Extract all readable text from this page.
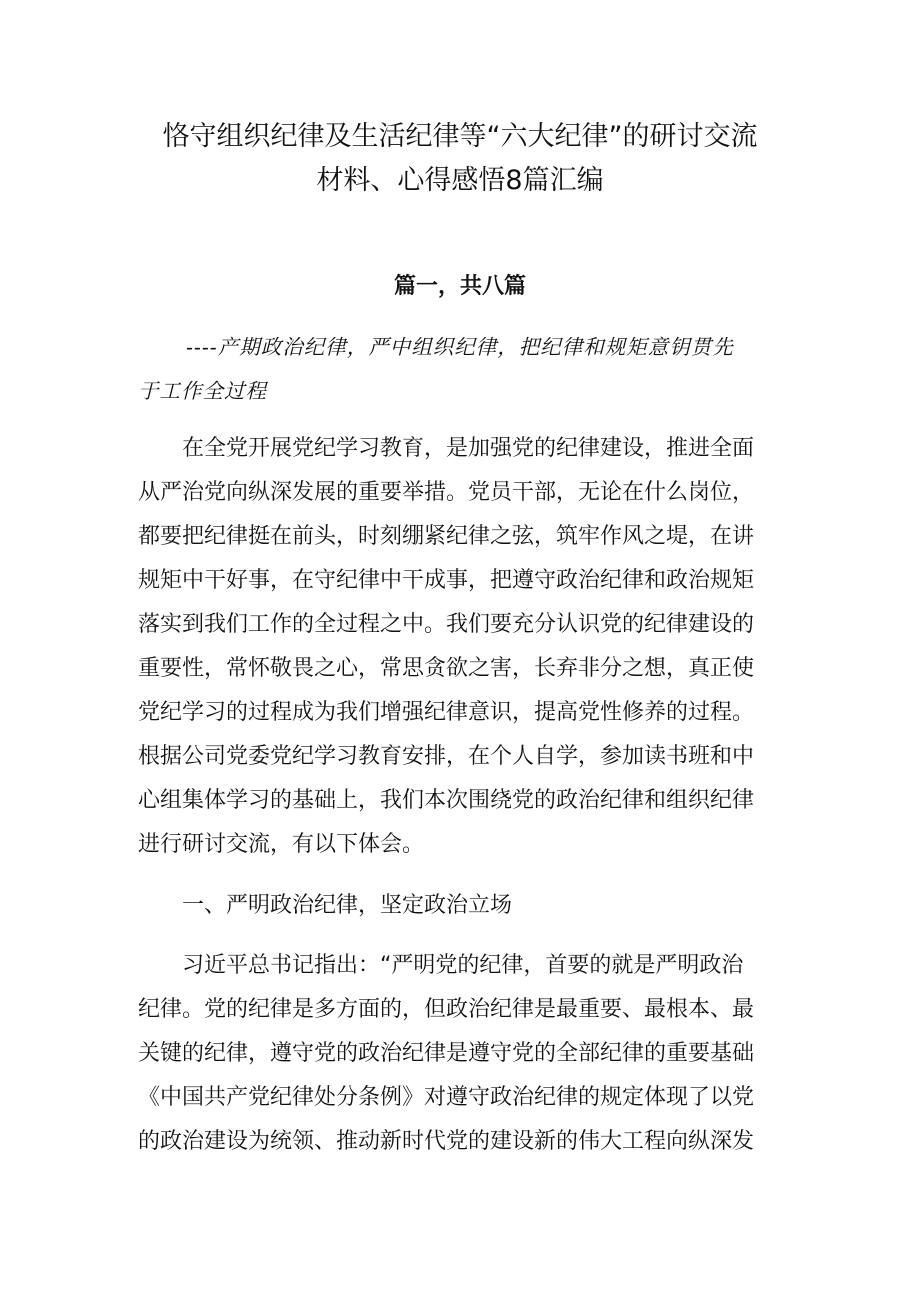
恪守组织纪律及生活纪律等“六大纪律”的研讨交流
材料、心得感悟8篇汇编
篇一，共八篇
----产期政治纪律，严中组织纪律，把纪律和规矩意钥贯先
于工作全过程
在全党开展党纪学习教育，是加强党的纪律建设，推进全面
从严治党向纵深发展的重要举措。党员干部，无论在什么岗位，
都要把纪律挺在前头，时刻绷紧纪律之弦，筑牢作风之堤，在讲
规矩中干好事，在守纪律中干成事，把遵守政治纪律和政治规矩
落实到我们工作的全过程之中。我们要充分认识党的纪律建设的
重要性，常怀敬畏之心，常思贪欲之害，长弃非分之想，真正使
党纪学习的过程成为我们增强纪律意识，提高党性修养的过程。
根据公司党委党纪学习教育安排，在个人自学，参加读书班和中
心组集体学习的基础上，我们本次围绕党的政治纪律和组织纪律
进行研讨交流，有以下体会。
一、严明政治纪律，坚定政治立场
习近平总书记指出：“严明党的纪律，首要的就是严明政治
纪律。党的纪律是多方面的，但政治纪律是最重要、最根本、最
关键的纪律，遵守党的政治纪律是遵守党的全部纪律的重要基础
《中国共产党纪律处分条例》对遵守政治纪律的规定体现了以党
的政治建设为统领、推动新时代党的建设新的伟大工程向纵深发
